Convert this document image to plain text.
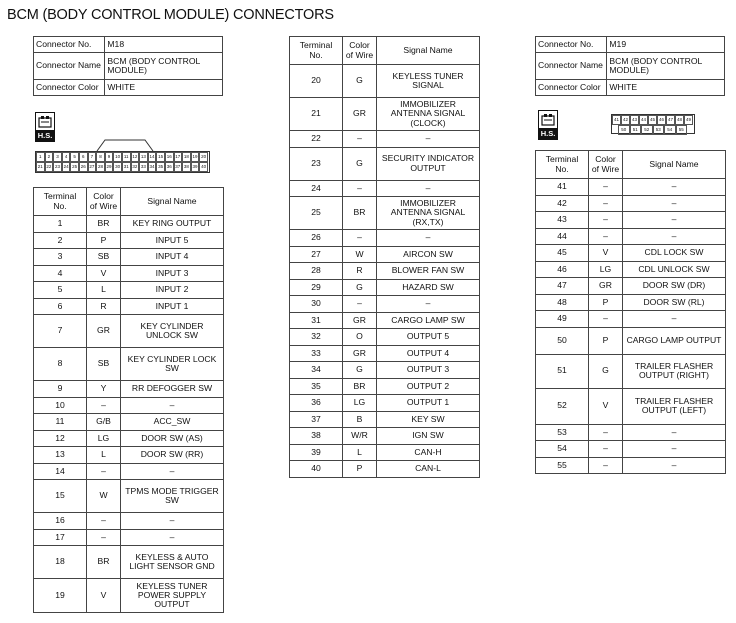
BCM (BODY CONTROL MODULE) CONNECTORS
Connector No.	M18
Connector Name	BCM (BODY CONTROL MODULE)
Connector Color	WHITE
H.S.
1	2	3	4	5	6	7	8	9	10 11 12 13 14 15 16 17 18 19 20
21 22 23 24 25 26 27 28 29 30 31 32 33 34 35 36 37 38 39 40
Terminal No.	Color of Wire	Signal Name
1	BR	KEY RING OUTPUT
2	P	INPUT 5
3	SB	INPUT 4
4	V	INPUT 3
5	L	INPUT 2
6	R	INPUT 1
7	GR	KEY CYLINDER UNLOCK SW
8	SB	KEY CYLINDER LOCK SW
9	Y	RR DEFOGGER SW
10	–	–
11	G/B	ACC_SW
12	LG	DOOR SW (AS)
13	L	DOOR SW (RR)
14	–	–
15	W	TPMS MODE TRIGGER SW
16	–	–
17	–	–
18	BR	KEYLESS & AUTO LIGHT SENSOR GND
19	V	KEYLESS TUNER POWER SUPPLY OUTPUT
Terminal No.	Color of Wire	Signal Name
20	G	KEYLESS TUNER SIGNAL
21	GR	IMMOBILIZER ANTENNA SIGNAL (CLOCK)
22	–	–
23	G	SECURITY INDICATOR OUTPUT
24	–	–
25	BR	IMMOBILIZER ANTENNA SIGNAL (RX,TX)
26	–	–
27	W	AIRCON SW
28	R	BLOWER FAN SW
29	G	HAZARD SW
30	–	–
31	GR	CARGO LAMP SW
32	O	OUTPUT 5
33	GR	OUTPUT 4
34	G	OUTPUT 3
35	BR	OUTPUT 2
36	LG	OUTPUT 1
37	B	KEY SW
38	W/R	IGN SW
39	L	CAN-H
40	P	CAN-L
Connector No.	M19
Connector Name	BCM (BODY CONTROL MODULE)
Connector Color	WHITE
H.S.
41 42 43 44 45 46 47 48 49
50	51	52	53	54	55
Terminal No.	Color of Wire	Signal Name
41	–	–
42	–	–
43	–	–
44	–	–
45	V	CDL LOCK SW
46	LG	CDL UNLOCK SW
47	GR	DOOR SW (DR)
48	P	DOOR SW (RL)
49	–	–
50	P	CARGO LAMP OUTPUT
51	G	TRAILER FLASHER OUTPUT (RIGHT)
52	V	TRAILER FLASHER OUTPUT (LEFT)
53	–	–
54	–	–
55	–	–
